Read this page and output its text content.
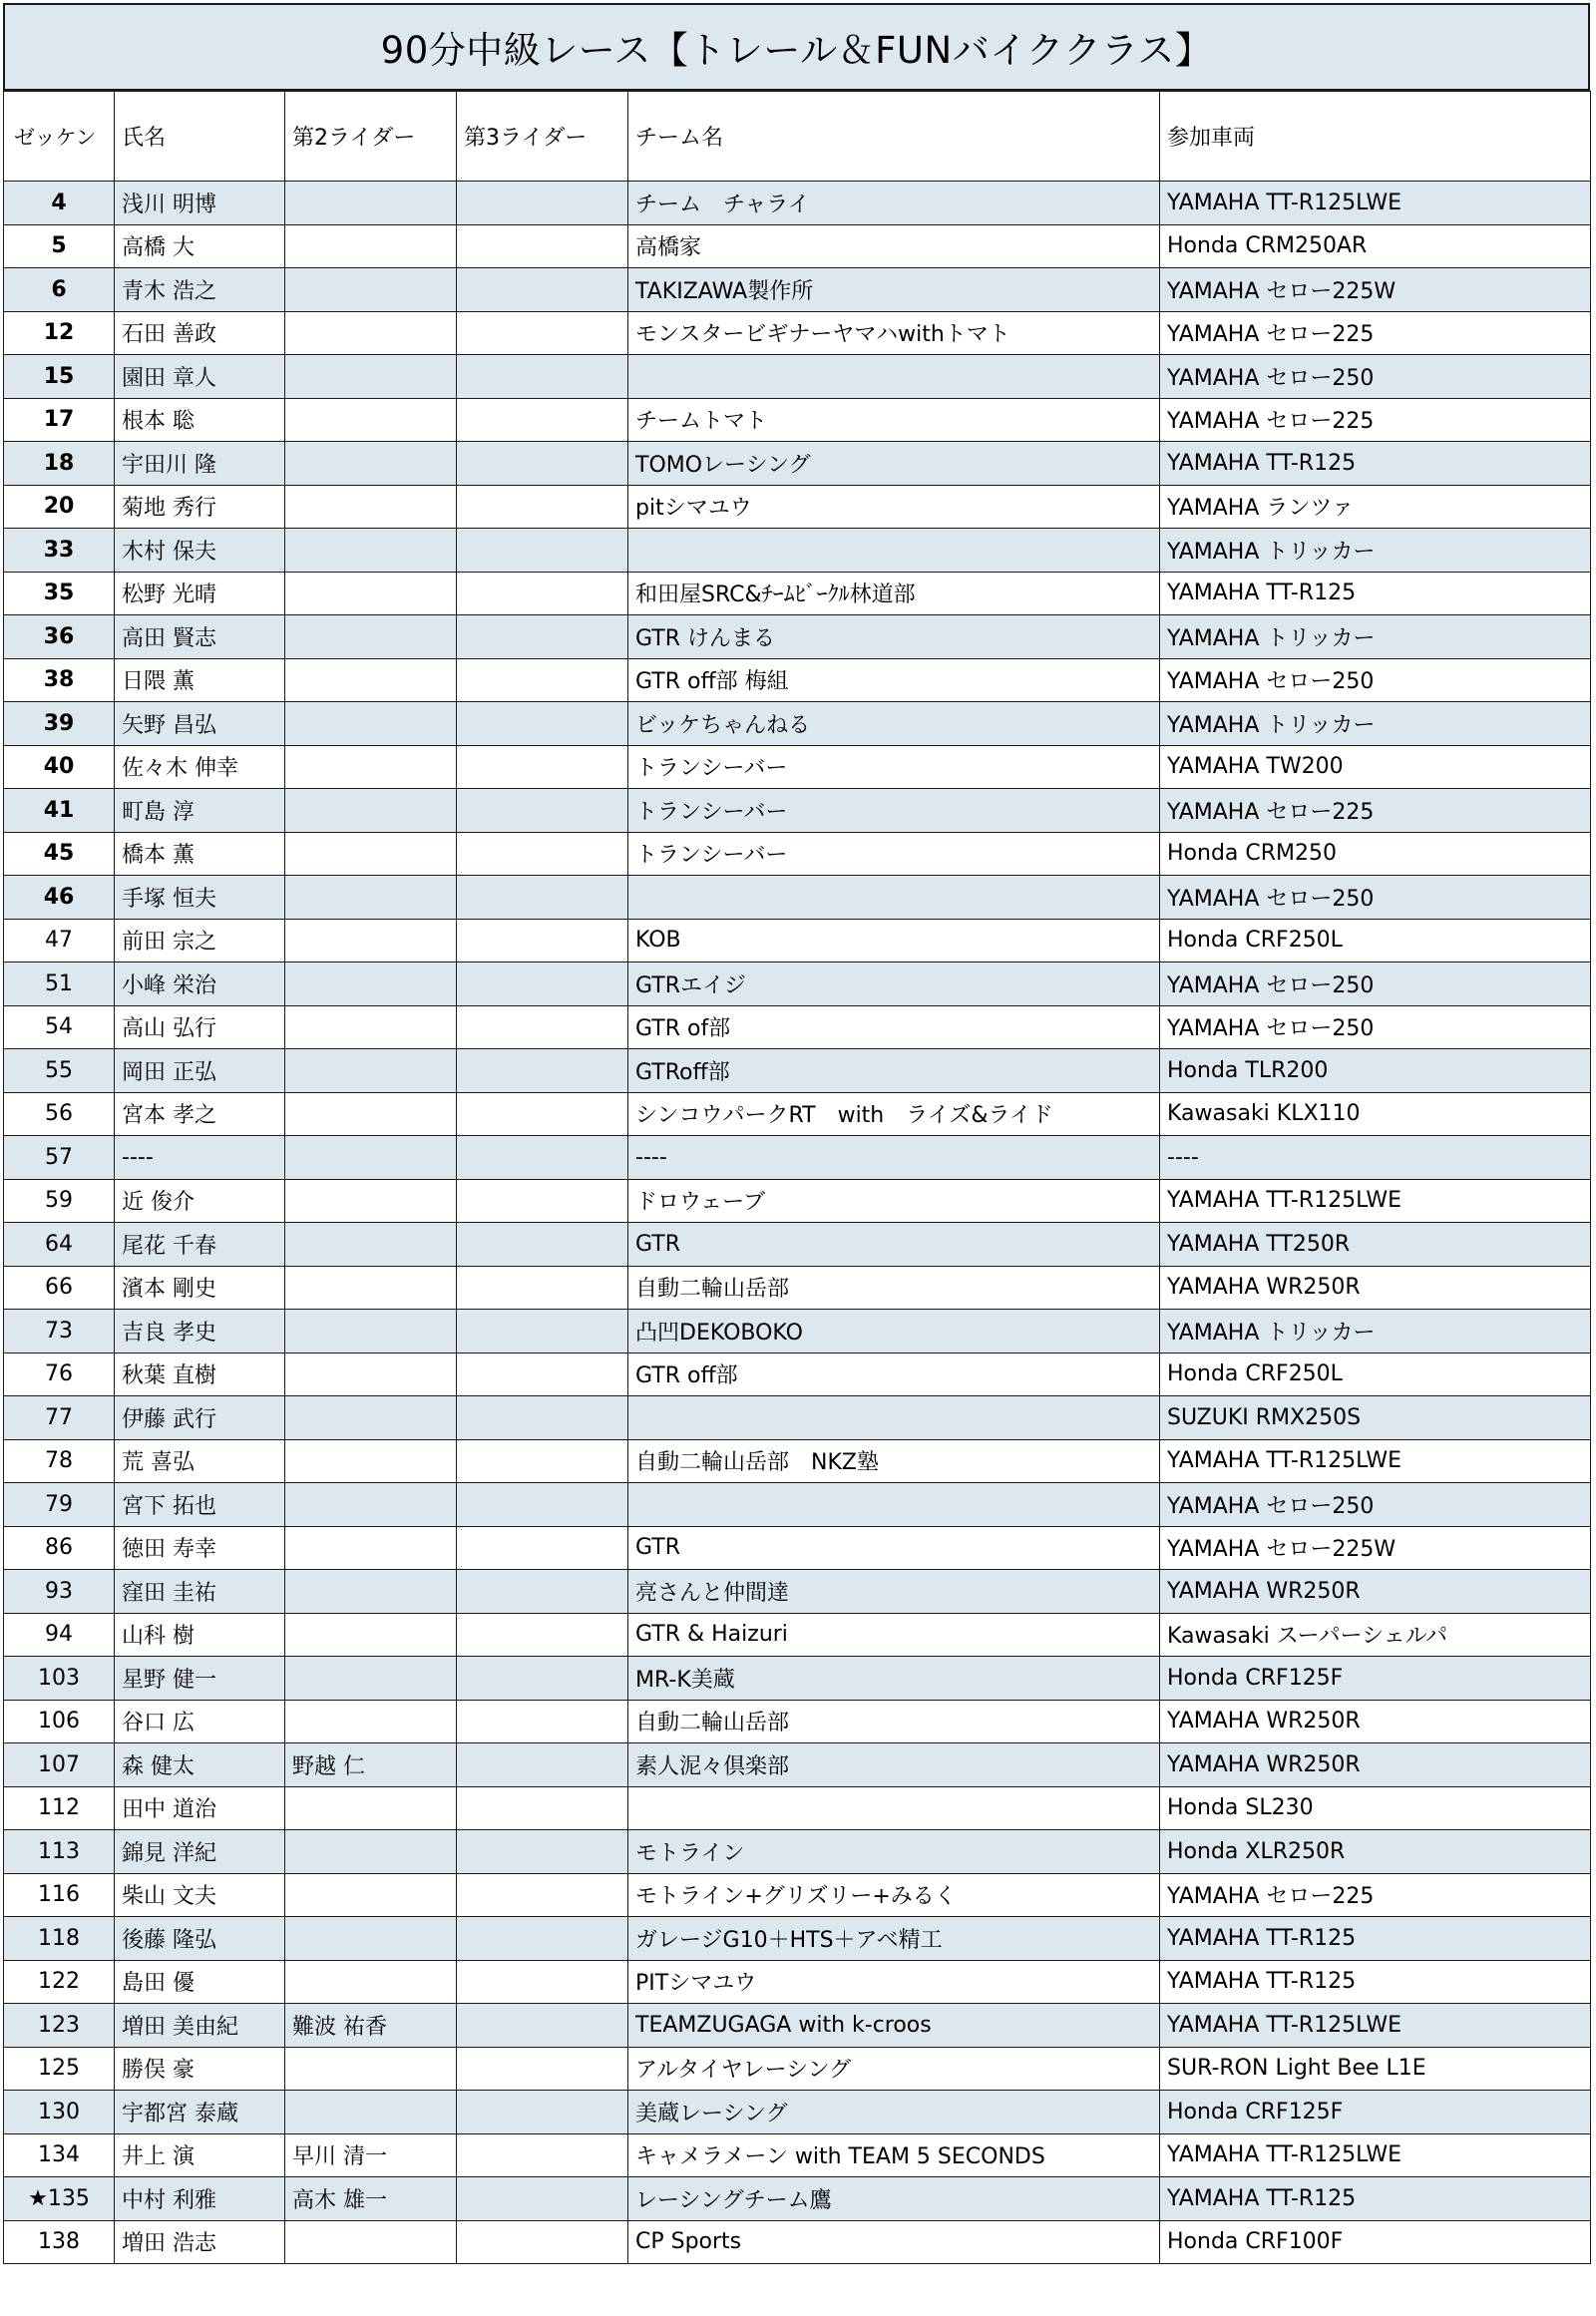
90分中級レース【トレール＆FUNバイククラス】
ゼッケン	氏名	第2ライダー	第3ライダー	チーム名	参加車両
4	浅川 明博			チーム　チャライ	YAMAHA TT-R125LWE
5	高橋 大			高橋家	Honda CRM250AR
6	青木 浩之			TAKIZAWA製作所	YAMAHA セロー225W
12	石田 善政			モンスタービギナーヤマハwithトマト	YAMAHA セロー225
15	園田 章人				YAMAHA セロー250
17	根本 聡			チームトマト	YAMAHA セロー225
18	宇田川 隆			TOMOレーシング	YAMAHA TT-R125
20	菊地 秀行			pitシマユウ	YAMAHA ランツァ
33	木村 保夫				YAMAHA トリッカー
35	松野 光晴			和田屋SRC&ﾁｰﾑﾋﾞｰｸﾙ林道部	YAMAHA TT-R125
36	高田 賢志			GTR けんまる	YAMAHA トリッカー
38	日隈 薫			GTR off部 梅組	YAMAHA セロー250
39	矢野 昌弘			ビッケちゃんねる	YAMAHA トリッカー
40	佐々木 伸幸			トランシーバー	YAMAHA TW200
41	町島 淳			トランシーバー	YAMAHA セロー225
45	橋本 薫			トランシーバー	Honda CRM250
46	手塚 恒夫				YAMAHA セロー250
47	前田 宗之			KOB	Honda CRF250L
51	小峰 栄治			GTRエイジ	YAMAHA セロー250
54	高山 弘行			GTR of部	YAMAHA セロー250
55	岡田 正弘			GTRoff部	Honda TLR200
56	宮本 孝之			シンコウパークRT　with　ライズ&ライド	Kawasaki KLX110
57	----			----	----
59	近 俊介			ドロウェーブ	YAMAHA TT-R125LWE
64	尾花 千春			GTR	YAMAHA TT250R
66	濱本 剛史			自動二輪山岳部	YAMAHA WR250R
73	吉良 孝史			凸凹DEKOBOKO	YAMAHA トリッカー
76	秋葉 直樹			GTR off部	Honda CRF250L
77	伊藤 武行				SUZUKI RMX250S
78	荒 喜弘			自動二輪山岳部　NKZ塾	YAMAHA TT-R125LWE
79	宮下 拓也				YAMAHA セロー250
86	徳田 寿幸			GTR	YAMAHA セロー225W
93	窪田 圭祐			亮さんと仲間達	YAMAHA WR250R
94	山科 樹			GTR & Haizuri	Kawasaki スーパーシェルパ
103	星野 健一			MR-K美蔵	Honda CRF125F
106	谷口 広			自動二輪山岳部	YAMAHA WR250R
107	森 健太	野越 仁		素人泥々倶楽部	YAMAHA WR250R
112	田中 道治				Honda SL230
113	錦見 洋紀			モトライン	Honda XLR250R
116	柴山 文夫			モトライン+グリズリー+みるく	YAMAHA セロー225
118	後藤 隆弘			ガレージG10＋HTS＋アベ精工	YAMAHA TT-R125
122	島田 優			PITシマユウ	YAMAHA TT-R125
123	増田 美由紀	難波 祐香		TEAMZUGAGA with k-croos	YAMAHA TT-R125LWE
125	勝俣 豪			アルタイヤレーシング	SUR-RON Light Bee L1E
130	宇都宮 泰蔵			美蔵レーシング	Honda CRF125F
134	井上 演	早川 清一		キャメラメーン with TEAM 5 SECONDS	YAMAHA TT-R125LWE
★135	中村 利雅	高木 雄一		レーシングチーム鷹	YAMAHA TT-R125
138	増田 浩志			CP Sports	Honda CRF100F
